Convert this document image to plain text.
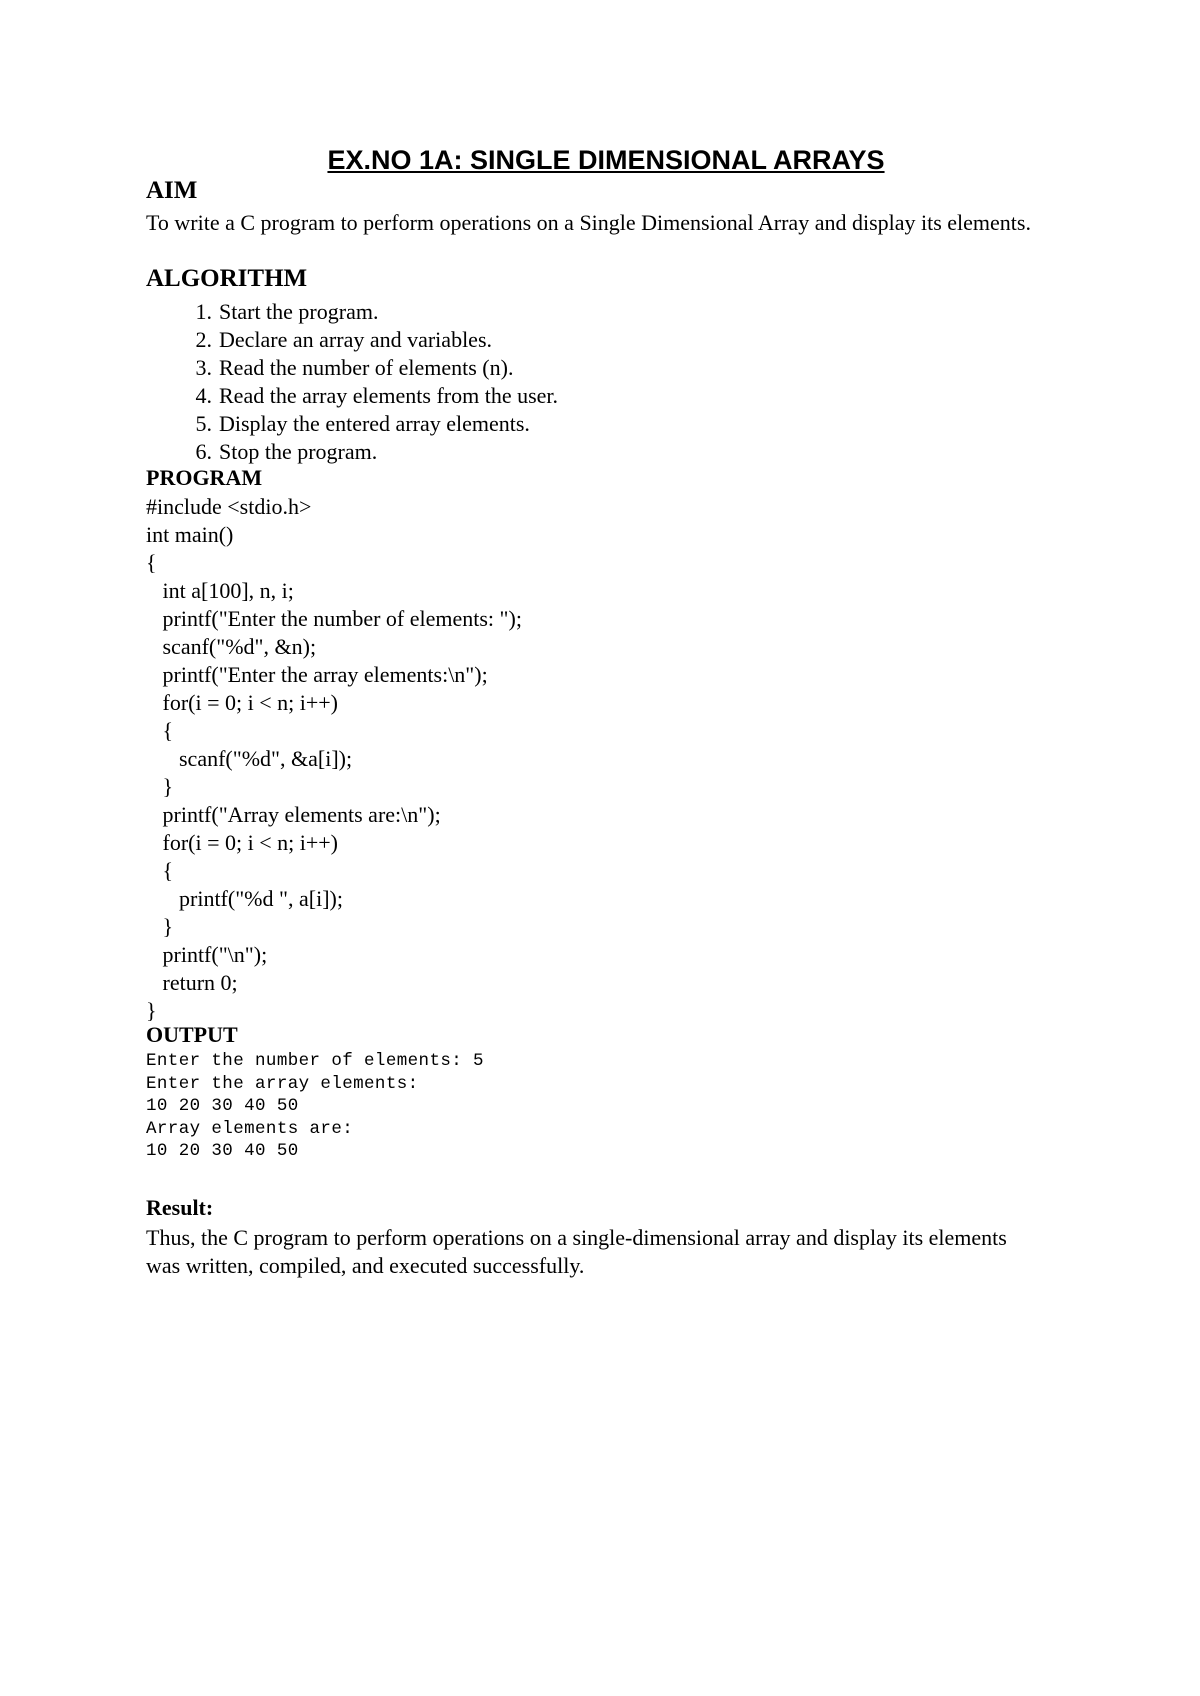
EX.NO 1A: SINGLE DIMENSIONAL ARRAYS
AIM
To write a C program to perform operations on a Single Dimensional Array and display its elements.
ALGORITHM
1. Start the program.
2. Declare an array and variables.
3. Read the number of elements (n).
4. Read the array elements from the user.
5. Display the entered array elements.
6. Stop the program.
PROGRAM
#include <stdio.h>
int main()
{
int a[100], n, i;
printf("Enter the number of elements: ");
scanf("%d", &n);
printf("Enter the array elements:\n");
for(i = 0; i < n; i++)
{
scanf("%d", &a[i]);
}
printf("Array elements are:\n");
for(i = 0; i < n; i++)
{
printf("%d ", a[i]);
}
printf("\n");
return 0;
}
OUTPUT
Enter the number of elements: 5
Enter the array elements:
10 20 30 40 50
Array elements are:
10 20 30 40 50
Result:
Thus, the C program to perform operations on a single-dimensional array and display its elements was written, compiled, and executed successfully.
